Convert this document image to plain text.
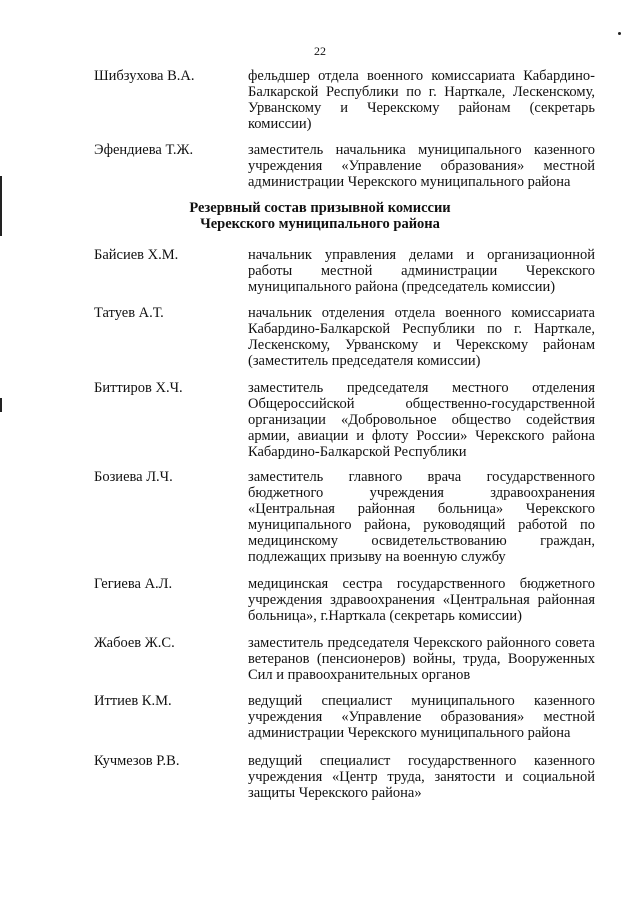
22
Шибзухова В.А.	фельдшер отдела военного комиссариата Кабардино-Балкарской Республики по г. Нарткале, Лескенскому, Урванскому и Черекскому районам (секретарь комиссии)
Эфендиева Т.Ж.	заместитель начальника муниципального казенного учреждения «Управление образования» местной администрации Черекского муниципального района
Резервный состав призывной комиссии
Черекского муниципального района
Байсиев Х.М.	начальник управления делами и организационной работы местной администрации Черекского муниципального района (председатель комиссии)
Татуев А.Т.	начальник отделения отдела военного комиссариата Кабардино-Балкарской Республики по г. Нарткале, Лескенскому, Урванскому и Черекскому районам (заместитель председателя комиссии)
Биттиров Х.Ч.	заместитель председателя местного отделения Общероссийской общественно-государственной организации «Добровольное общество содействия армии, авиации и флоту России» Черекского района Кабардино-Балкарской Республики
Бозиева Л.Ч.	заместитель главного врача государственного бюджетного учреждения здравоохранения «Центральная районная больница» Черекского муниципального района, руководящий работой по медицинскому освидетельствованию граждан, подлежащих призыву на военную службу
Гегиева А.Л.	медицинская сестра государственного бюджетного учреждения здравоохранения «Центральная районная больница», г.Нарткала (секретарь комиссии)
Жабоев Ж.С.	заместитель председателя Черекского районного совета ветеранов (пенсионеров) войны, труда, Вооруженных Сил и правоохранительных органов
Иттиев К.М.	ведущий специалист муниципального казенного учреждения «Управление образования» местной администрации Черекского муниципального района
Кучмезов Р.В.	ведущий специалист государственного казенного учреждения «Центр труда, занятости и социальной защиты Черекского района»
